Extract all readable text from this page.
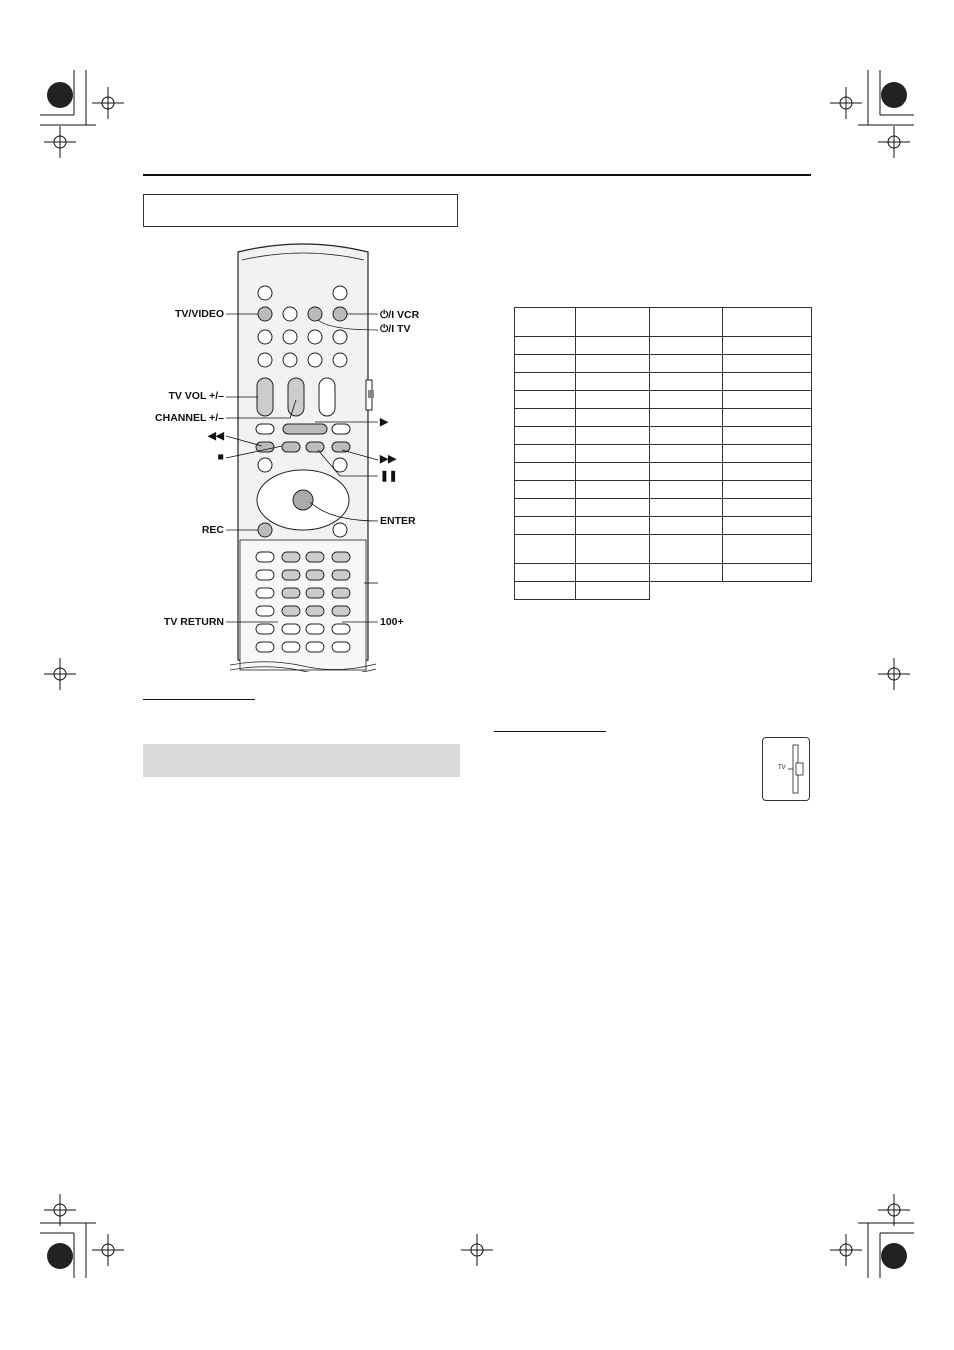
TV/VIDEO	⏻/I VCR
⏻/I TV
TV VOL +/–
CHANNEL +/–	▶
◀◀
■	▶▶
❚❚
REC
ENTER
TV RETURN	100+

TV
